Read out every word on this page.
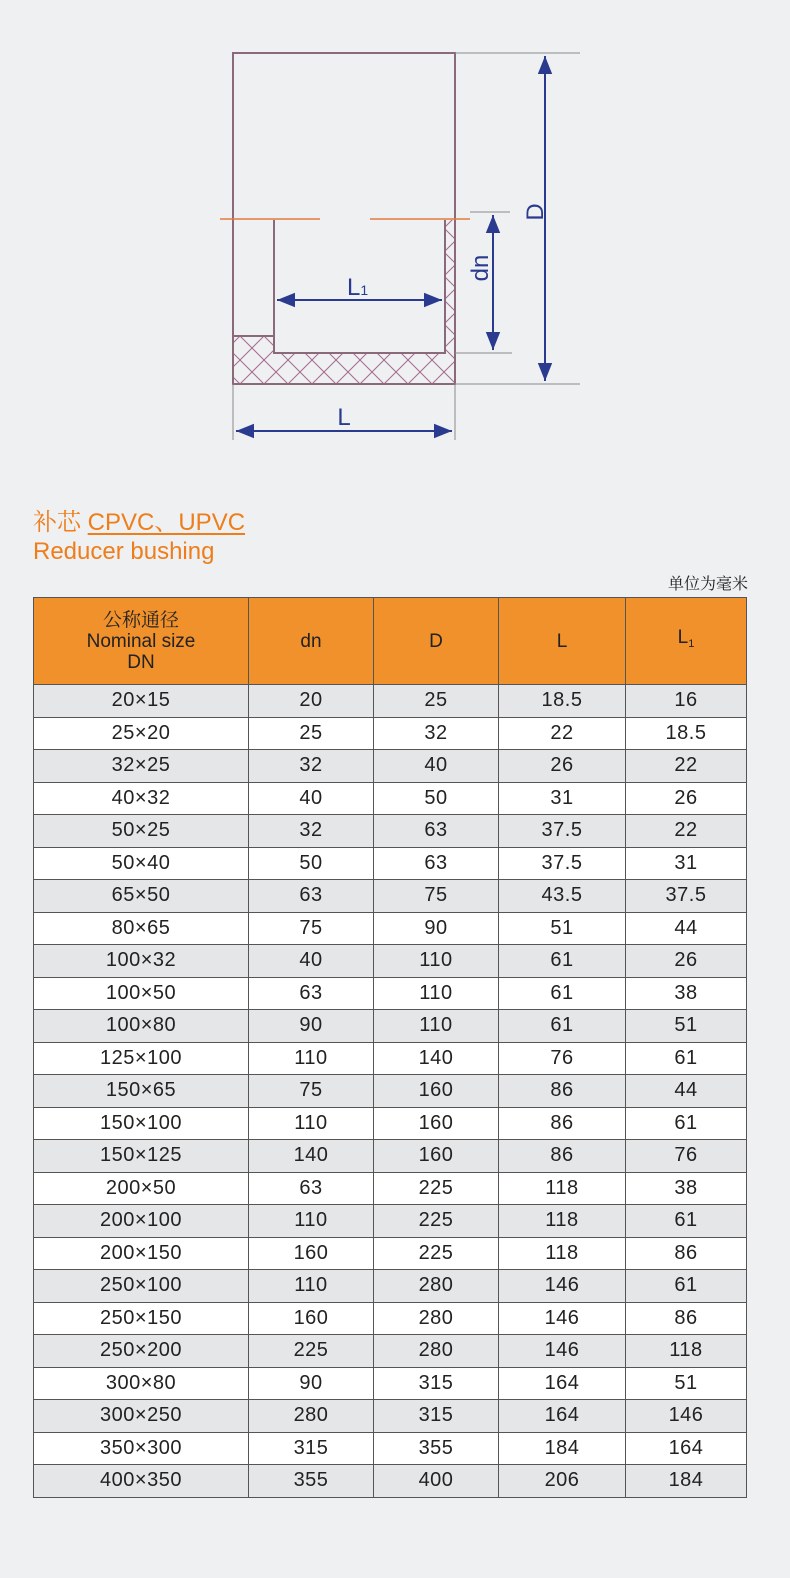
D
dn
L1
L
补芯 CPVC、UPVC
Reducer bushing
单位为毫米
公称通径
Nominal size
DN	dn	D	L	$L_1$
20×15	20	25	18.5	16
25×20	25	32	22	18.5
32×25	32	40	26	22
40×32	40	50	31	26
50×25	32	63	37.5	22
50×40	50	63	37.5	31
65×50	63	75	43.5	37.5
80×65	75	90	51	44
100×32	40	110	61	26
100×50	63	110	61	38
100×80	90	110	61	51
125×100	110	140	76	61
150×65	75	160	86	44
150×100	110	160	86	61
150×125	140	160	86	76
200×50	63	225	118	38
200×100	110	225	118	61
200×150	160	225	118	86
250×100	110	280	146	61
250×150	160	280	146	86
250×200	225	280	146	118
300×80	90	315	164	51
300×250	280	315	164	146
350×300	315	355	184	164
400×350	355	400	206	184
